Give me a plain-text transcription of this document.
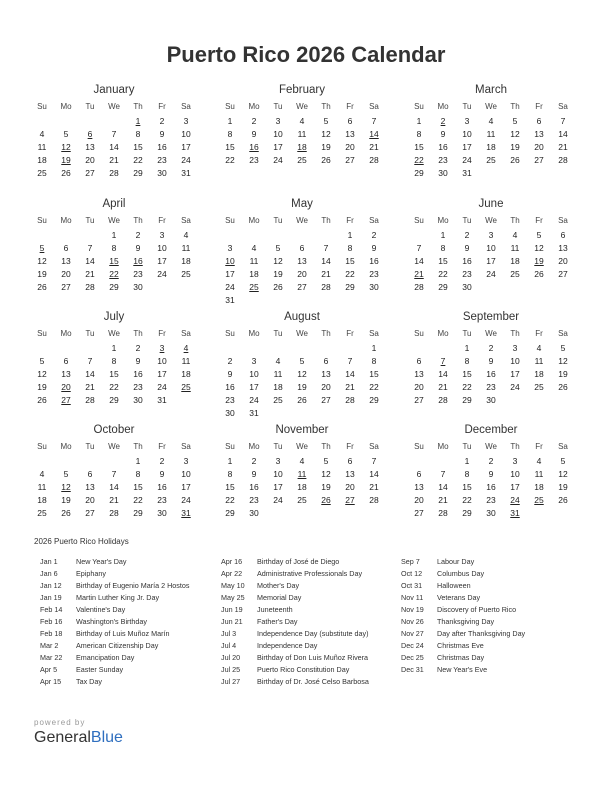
Puerto Rico 2026 Calendar
January
Su	Mo	Tu	We	Th	Fr	Sa
				1	2	3
4	5	6	7	8	9	10
11	12	13	14	15	16	17
18	19	20	21	22	23	24
25	26	27	28	29	30	31
February
Su	Mo	Tu	We	Th	Fr	Sa
1	2	3	4	5	6	7
8	9	10	11	12	13	14
15	16	17	18	19	20	21
22	23	24	25	26	27	28
March
Su	Mo	Tu	We	Th	Fr	Sa
1	2	3	4	5	6	7
8	9	10	11	12	13	14
15	16	17	18	19	20	21
22	23	24	25	26	27	28
29	30	31				
April
Su	Mo	Tu	We	Th	Fr	Sa
			1	2	3	4
5	6	7	8	9	10	11
12	13	14	15	16	17	18
19	20	21	22	23	24	25
26	27	28	29	30		
May
Su	Mo	Tu	We	Th	Fr	Sa
					1	2
3	4	5	6	7	8	9
10	11	12	13	14	15	16
17	18	19	20	21	22	23
24	25	26	27	28	29	30
31						
June
Su	Mo	Tu	We	Th	Fr	Sa
	1	2	3	4	5	6
7	8	9	10	11	12	13
14	15	16	17	18	19	20
21	22	23	24	25	26	27
28	29	30				
July
Su	Mo	Tu	We	Th	Fr	Sa
			1	2	3	4
5	6	7	8	9	10	11
12	13	14	15	16	17	18
19	20	21	22	23	24	25
26	27	28	29	30	31	
August
Su	Mo	Tu	We	Th	Fr	Sa
						1
2	3	4	5	6	7	8
9	10	11	12	13	14	15
16	17	18	19	20	21	22
23	24	25	26	27	28	29
30	31					
September
Su	Mo	Tu	We	Th	Fr	Sa
		1	2	3	4	5
6	7	8	9	10	11	12
13	14	15	16	17	18	19
20	21	22	23	24	25	26
27	28	29	30			
October
Su	Mo	Tu	We	Th	Fr	Sa
				1	2	3
4	5	6	7	8	9	10
11	12	13	14	15	16	17
18	19	20	21	22	23	24
25	26	27	28	29	30	31
November
Su	Mo	Tu	We	Th	Fr	Sa
1	2	3	4	5	6	7
8	9	10	11	12	13	14
15	16	17	18	19	20	21
22	23	24	25	26	27	28
29	30					
December
Su	Mo	Tu	We	Th	Fr	Sa
		1	2	3	4	5
6	7	8	9	10	11	12
13	14	15	16	17	18	19
20	21	22	23	24	25	26
27	28	29	30	31		
2026 Puerto Rico Holidays
Jan 1	New Year's Day
Jan 6	Epiphany
Jan 12	Birthday of Eugenio María 2 Hostos
Jan 19	Martin Luther King Jr. Day
Feb 14	Valentine's Day
Feb 16	Washington's Birthday
Feb 18	Birthday of Luis Muñoz Marín
Mar 2	American Citizenship Day
Mar 22	Emancipation Day
Apr 5	Easter Sunday
Apr 15	Tax Day
Apr 16	Birthday of José de Diego
Apr 22	Administrative Professionals Day
May 10	Mother's Day
May 25	Memorial Day
Jun 19	Juneteenth
Jun 21	Father's Day
Jul 3	Independence Day (substitute day)
Jul 4	Independence Day
Jul 20	Birthday of Don Luis Muñoz Rivera
Jul 25	Puerto Rico Constitution Day
Jul 27	Birthday of Dr. José Celso Barbosa
Sep 7	Labour Day
Oct 12	Columbus Day
Oct 31	Halloween
Nov 11	Veterans Day
Nov 19	Discovery of Puerto Rico
Nov 26	Thanksgiving Day
Nov 27	Day after Thanksgiving Day
Dec 24	Christmas Eve
Dec 25	Christmas Day
Dec 31	New Year's Eve
powered by
GeneralBlue
